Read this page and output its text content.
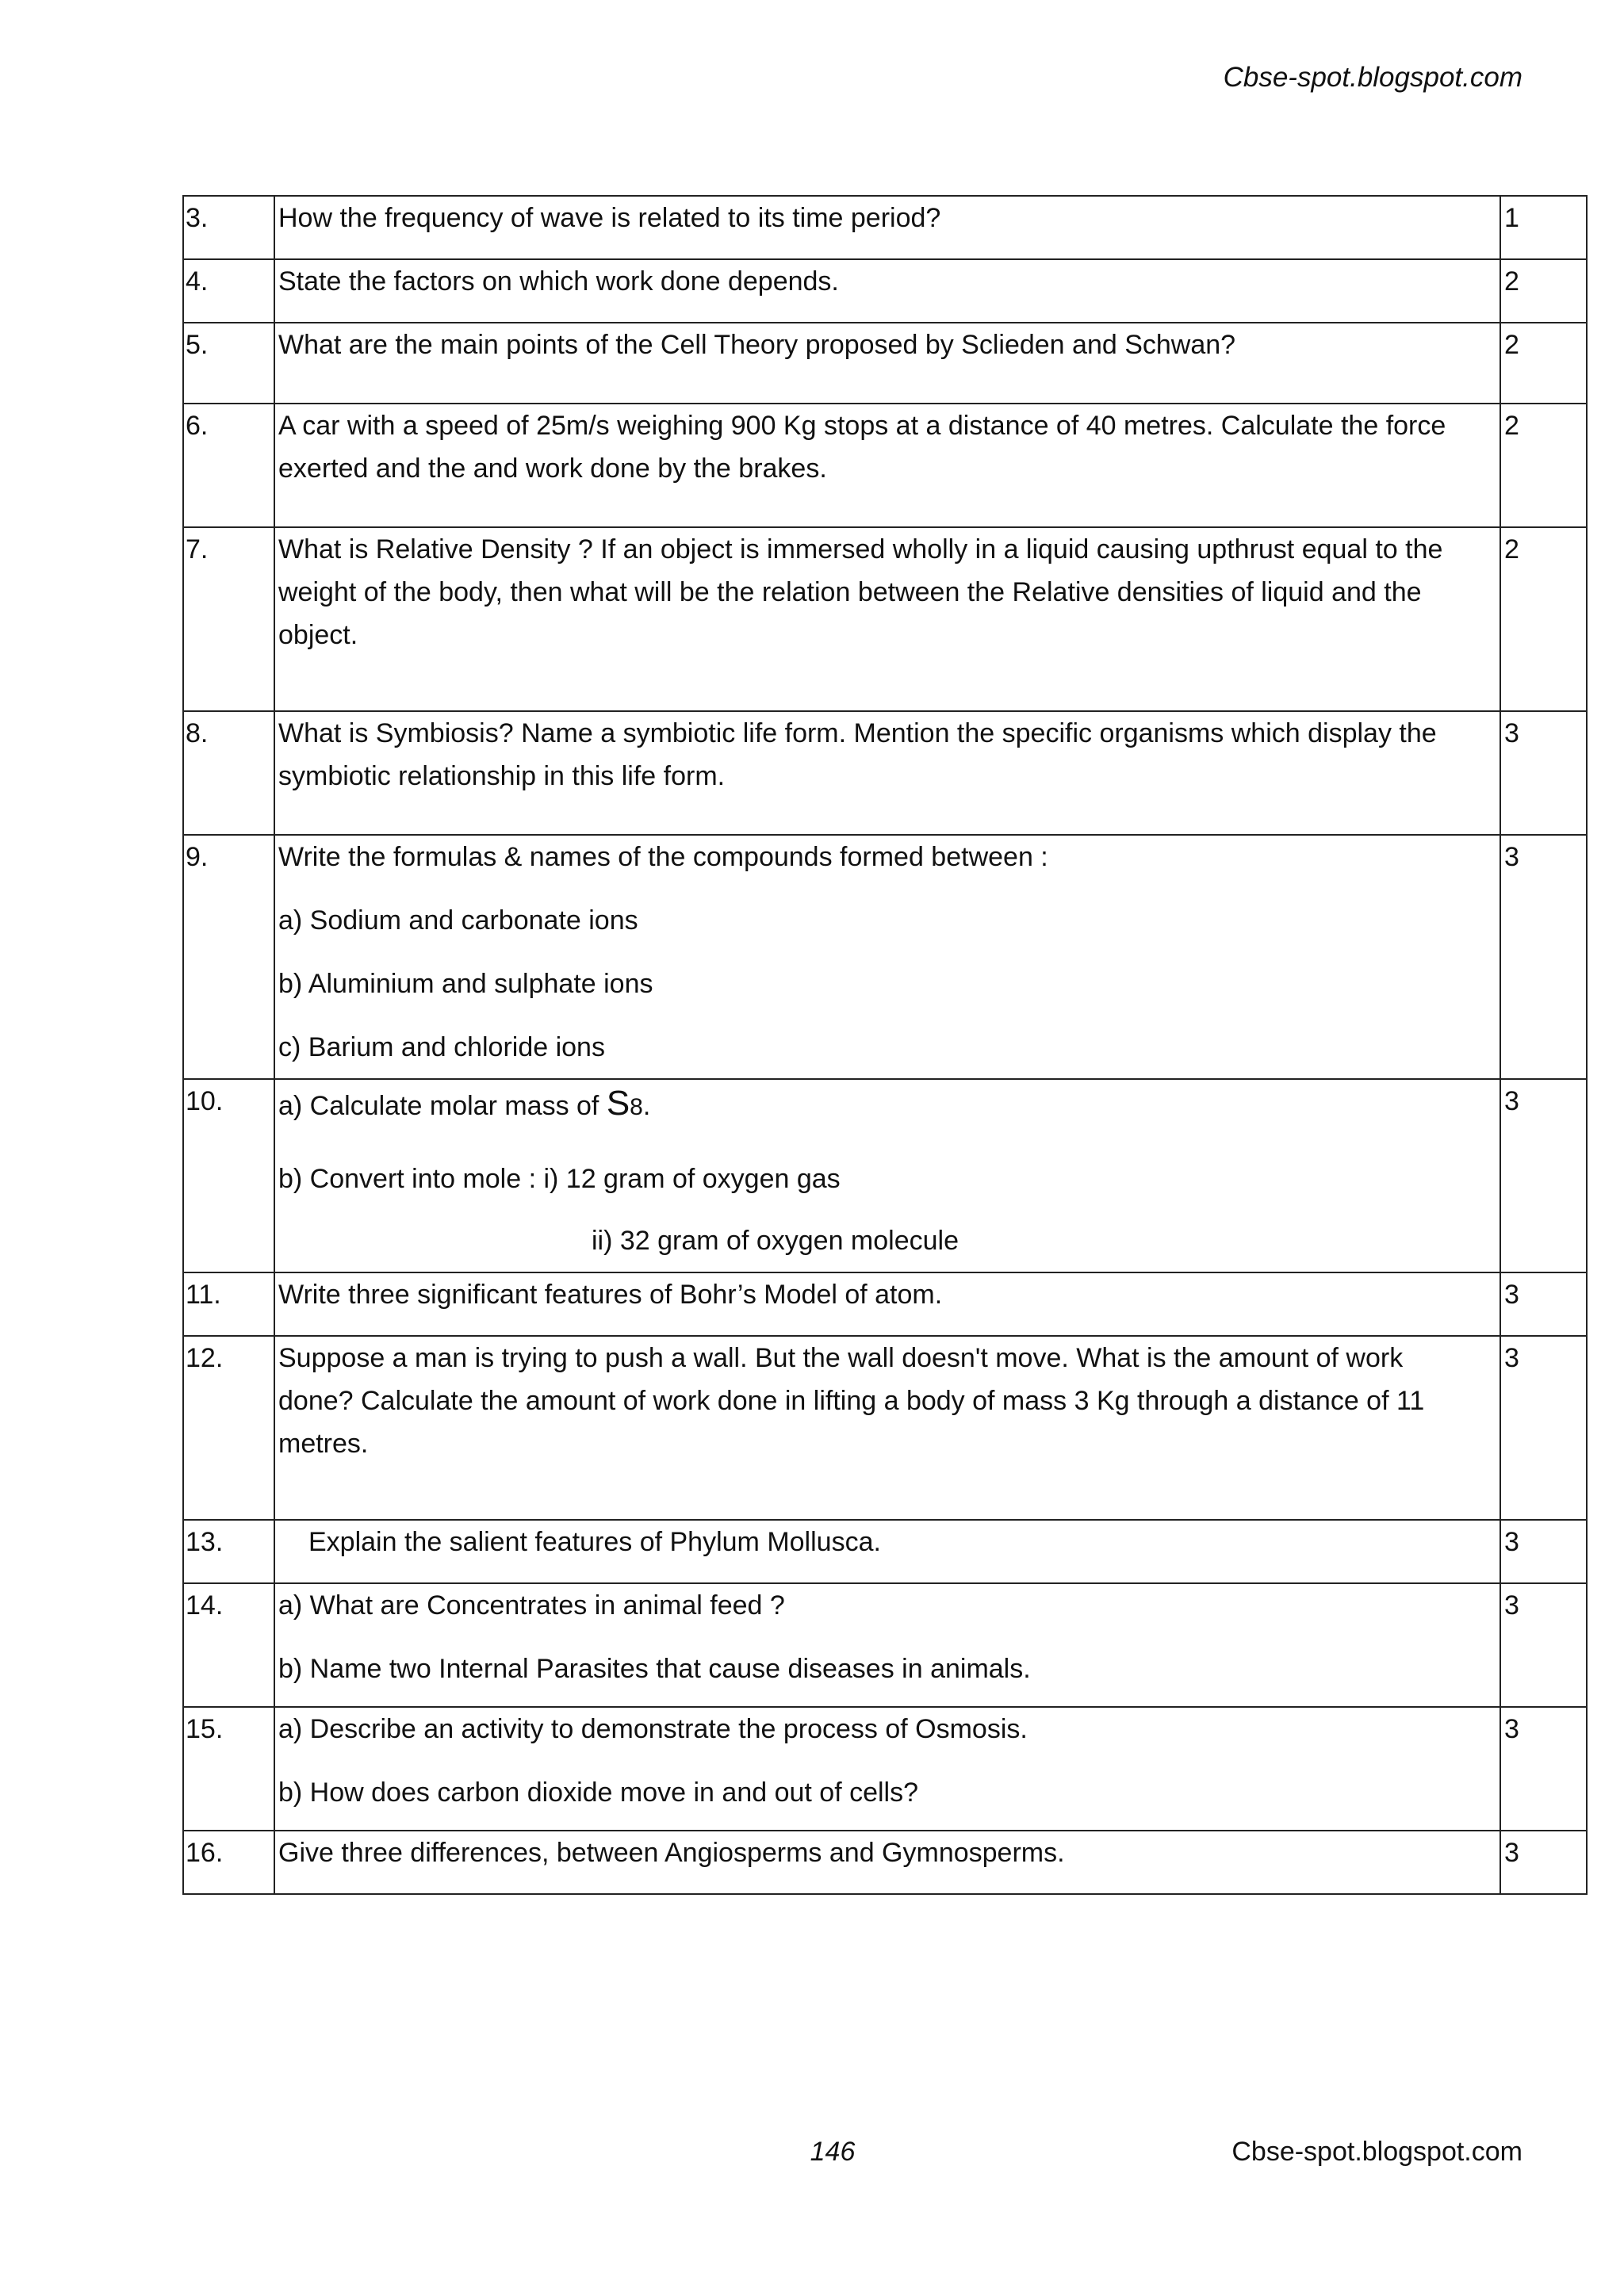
Cbse-spot.blogspot.com
3.	How the frequency of wave is related to its time period?	1
4.	State the factors on which work done depends.	2
5.	What are the main points of the Cell Theory proposed by Sclieden and Schwan?	2
6.	A car with a speed of 25m/s weighing 900 Kg stops at a distance of 40 metres. Calculate the force
exerted and the and work done by the brakes.	2
7.	What is Relative Density ? If an object is immersed wholly in a liquid causing upthrust equal to the
weight of the body, then what will be the relation between the Relative densities of liquid and the
object.	2
8.	What is Symbiosis? Name a symbiotic life form. Mention the specific organisms which display the
symbiotic relationship in this life form.	3
9.	Write the formulas & names of the compounds formed between :
a) Sodium and carbonate ions
b) Aluminium and sulphate ions
c) Barium and chloride ions	3
10.	a) Calculate molar mass of S8.
b) Convert into mole : i) 12 gram of oxygen gas
ii) 32 gram of oxygen molecule	3
11.	Write three significant features of Bohr’s Model of atom.	3
12.	Suppose a man is trying to push a wall. But the wall doesn't move. What is the amount of work
done? Calculate the amount of work done in lifting a body of mass 3 Kg through a distance of 11
metres.	3
13.	Explain the salient features of Phylum Mollusca.	3
14.	a) What are Concentrates in animal feed ?
b) Name two Internal Parasites that cause diseases in animals.	3
15.	a) Describe an activity to demonstrate the process of Osmosis.
b) How does carbon dioxide move in and out of cells?	3
16.	Give three differences, between Angiosperms and Gymnosperms.	3
146	Cbse-spot.blogspot.com
